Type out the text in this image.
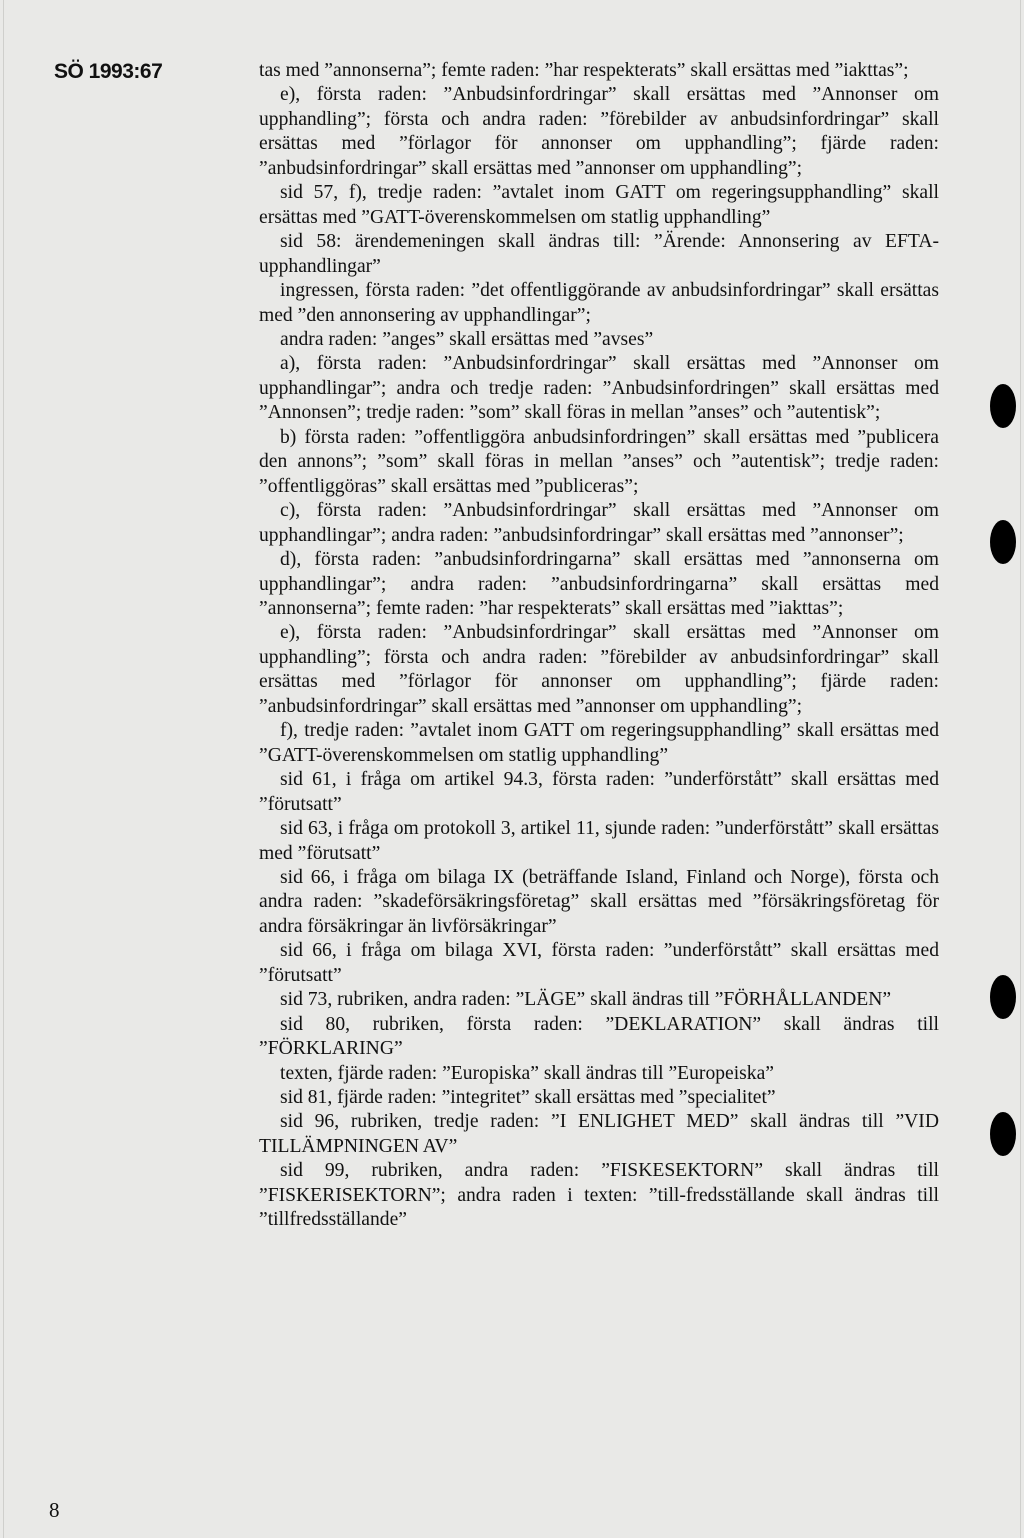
SÖ 1993:67	tas med ”annonserna”; femte raden: ”har respekterats” skall ersättas med ”iakttas”;

e), första raden: ”Anbudsinfordringar” skall ersättas med ”Annonser om upphandling”; första och andra raden: ”förebilder av anbudsinfordringar” skall ersättas med ”förlagor för annonser om upphandling”; fjärde raden: ”anbudsinfordringar” skall ersättas med ”annonser om upphandling”;

sid 57, f), tredje raden: ”avtalet inom GATT om regeringsupphandling” skall ersättas med ”GATT-överenskommelsen om statlig upphandling”

sid 58: ärendemeningen skall ändras till: ”Ärende: Annonsering av EFTA-upphandlingar”

ingressen, första raden: ”det offentliggörande av anbudsinfordringar” skall ersättas med ”den annonsering av upphandlingar”;

andra raden: ”anges” skall ersättas med ”avses”

a), första raden: ”Anbudsinfordringar” skall ersättas med ”Annonser om upphandlingar”; andra och tredje raden: ”Anbudsinfordringen” skall ersättas med ”Annonsen”; tredje raden: ”som” skall föras in mellan ”anses” och ”autentisk”;

b) första raden: ”offentliggöra anbudsinfordringen” skall ersättas med ”publicera den annons”; ”som” skall föras in mellan ”anses” och ”autentisk”; tredje raden: ”offentliggöras” skall ersättas med ”publiceras”;

c), första raden: ”Anbudsinfordringar” skall ersättas med ”Annonser om upphandlingar”; andra raden: ”anbudsinfordringar” skall ersättas med ”annonser”;

d), första raden: ”anbudsinfordringarna” skall ersättas med ”annonserna om upphandlingar”; andra raden: ”anbudsinfordringarna” skall ersättas med ”annonserna”; femte raden: ”har respekterats” skall ersättas med ”iakttas”;

e), första raden: ”Anbudsinfordringar” skall ersättas med ”Annonser om upphandling”; första och andra raden: ”förebilder av anbudsinfordringar” skall ersättas med ”förlagor för annonser om upphandling”; fjärde raden: ”anbudsinfordringar” skall ersättas med ”annonser om upphandling”;

f), tredje raden: ”avtalet inom GATT om regeringsupphandling” skall ersättas med ”GATT-överenskommelsen om statlig upphandling”

sid 61, i fråga om artikel 94.3, första raden: ”underförstått” skall ersättas med ”förutsatt”

sid 63, i fråga om protokoll 3, artikel 11, sjunde raden: ”underförstått” skall ersättas med ”förutsatt”

sid 66, i fråga om bilaga IX (beträffande Island, Finland och Norge), första och andra raden: ”skadeförsäkringsföretag” skall ersättas med ”försäkringsföretag för andra försäkringar än livförsäkringar”

sid 66, i fråga om bilaga XVI, första raden: ”underförstått” skall ersättas med ”förutsatt”

sid 73, rubriken, andra raden: ”LÄGE” skall ändras till ”FÖRHÅLLANDEN”

sid 80, rubriken, första raden: ”DEKLARATION” skall ändras till ”FÖRKLARING”

texten, fjärde raden: ”Europiska” skall ändras till ”Europeiska”

sid 81, fjärde raden: ”integritet” skall ersättas med ”specialitet”

sid 96, rubriken, tredje raden: ”I ENLIGHET MED” skall ändras till ”VID TILLÄMPNINGEN AV”

sid 99, rubriken, andra raden: ”FISKESEKTORN” skall ändras till ”FISKERISEKTORN”; andra raden i texten: ”till-fredsställande skall ändras till ”tillfredsställande”

8
